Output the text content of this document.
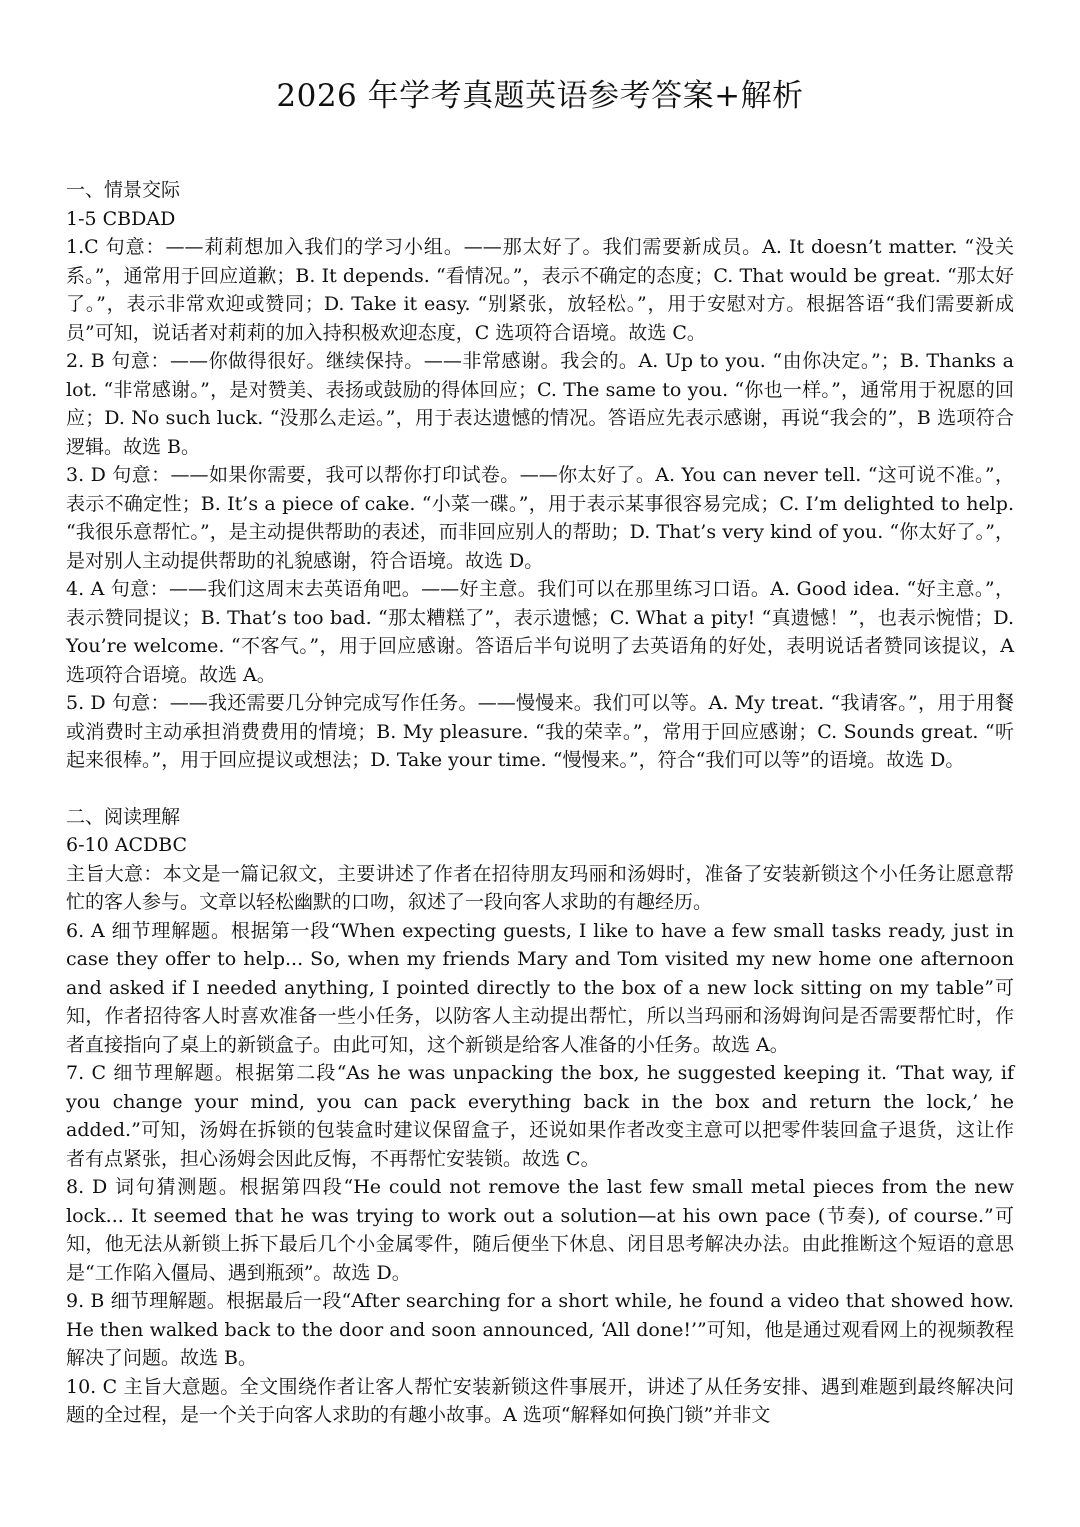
2026 年学考真题英语参考答案+解析

一、情景交际

1-5 CBDAD

1.C 句意：——莉莉想加入我们的学习小组。——那太好了。我们需要新成员。A. It doesn’t matter. “没关系。”，通常用于回应道歉；B. It depends. “看情况。”，表示不确定的态度；C. That would be great. “那太好了。”，表示非常欢迎或赞同；D. Take it easy. “别紧张，放轻松。”，用于安慰对方。根据答语“我们需要新成员”可知，说话者对莉莉的加入持积极欢迎态度，C 选项符合语境。故选 C。

2. B 句意：——你做得很好。继续保持。——非常感谢。我会的。A. Up to you. “由你决定。”；B. Thanks a lot. “非常感谢。”，是对赞美、表扬或鼓励的得体回应；C. The same to you. “你也一样。”，通常用于祝愿的回应；D. No such luck. “没那么走运。”，用于表达遗憾的情况。答语应先表示感谢，再说“我会的”，B 选项符合逻辑。故选 B。

3. D 句意：——如果你需要，我可以帮你打印试卷。——你太好了。A. You can never tell. “这可说不准。”，表示不确定性；B. It’s a piece of cake. “小菜一碟。”，用于表示某事很容易完成；C. I’m delighted to help. “我很乐意帮忙。”，是主动提供帮助的表述，而非回应别人的帮助；D. That’s very kind of you. “你太好了。”，是对别人主动提供帮助的礼貌感谢，符合语境。故选 D。

4. A 句意：——我们这周末去英语角吧。——好主意。我们可以在那里练习口语。A. Good idea. “好主意。”，表示赞同提议；B. That’s too bad. “那太糟糕了”，表示遗憾；C. What a pity! “真遗憾！”，也表示惋惜；D. You’re welcome. “不客气。”，用于回应感谢。答语后半句说明了去英语角的好处，表明说话者赞同该提议，A 选项符合语境。故选 A。

5. D 句意：——我还需要几分钟完成写作任务。——慢慢来。我们可以等。A. My treat. “我请客。”，用于用餐或消费时主动承担消费费用的情境；B. My pleasure. “我的荣幸。”，常用于回应感谢；C. Sounds great. “听起来很棒。”，用于回应提议或想法；D. Take your time. “慢慢来。”，符合“我们可以等”的语境。故选 D。

二、阅读理解

6-10 ACDBC

主旨大意：本文是一篇记叙文，主要讲述了作者在招待朋友玛丽和汤姆时，准备了安装新锁这个小任务让愿意帮忙的客人参与。文章以轻松幽默的口吻，叙述了一段向客人求助的有趣经历。

6. A 细节理解题。根据第一段“When expecting guests, I like to have a few small tasks ready, just in case they offer to help... So, when my friends Mary and Tom visited my new home one afternoon and asked if I needed anything, I pointed directly to the box of a new lock sitting on my table”可知，作者招待客人时喜欢准备一些小任务，以防客人主动提出帮忙，所以当玛丽和汤姆询问是否需要帮忙时，作者直接指向了桌上的新锁盒子。由此可知，这个新锁是给客人准备的小任务。故选 A。

7. C 细节理解题。根据第二段“As he was unpacking the box, he suggested keeping it. ‘That way, if you change your mind, you can pack everything back in the box and return the lock,’ he added.”可知，汤姆在拆锁的包装盒时建议保留盒子，还说如果作者改变主意可以把零件装回盒子退货，这让作者有点紧张，担心汤姆会因此反悔，不再帮忙安装锁。故选 C。

8. D 词句猜测题。根据第四段“He could not remove the last few small metal pieces from the new lock... It seemed that he was trying to work out a solution—at his own pace (节奏), of course.”可知，他无法从新锁上拆下最后几个小金属零件，随后便坐下休息、闭目思考解决办法。由此推断这个短语的意思是“工作陷入僵局、遇到瓶颈”。故选 D。

9. B 细节理解题。根据最后一段“After searching for a short while, he found a video that showed how. He then walked back to the door and soon announced, ‘All done!’”可知，他是通过观看网上的视频教程解决了问题。故选 B。

10. C 主旨大意题。全文围绕作者让客人帮忙安装新锁这件事展开，讲述了从任务安排、遇到难题到最终解决问题的全过程，是一个关于向客人求助的有趣小故事。A 选项“解释如何换门锁”并非文
